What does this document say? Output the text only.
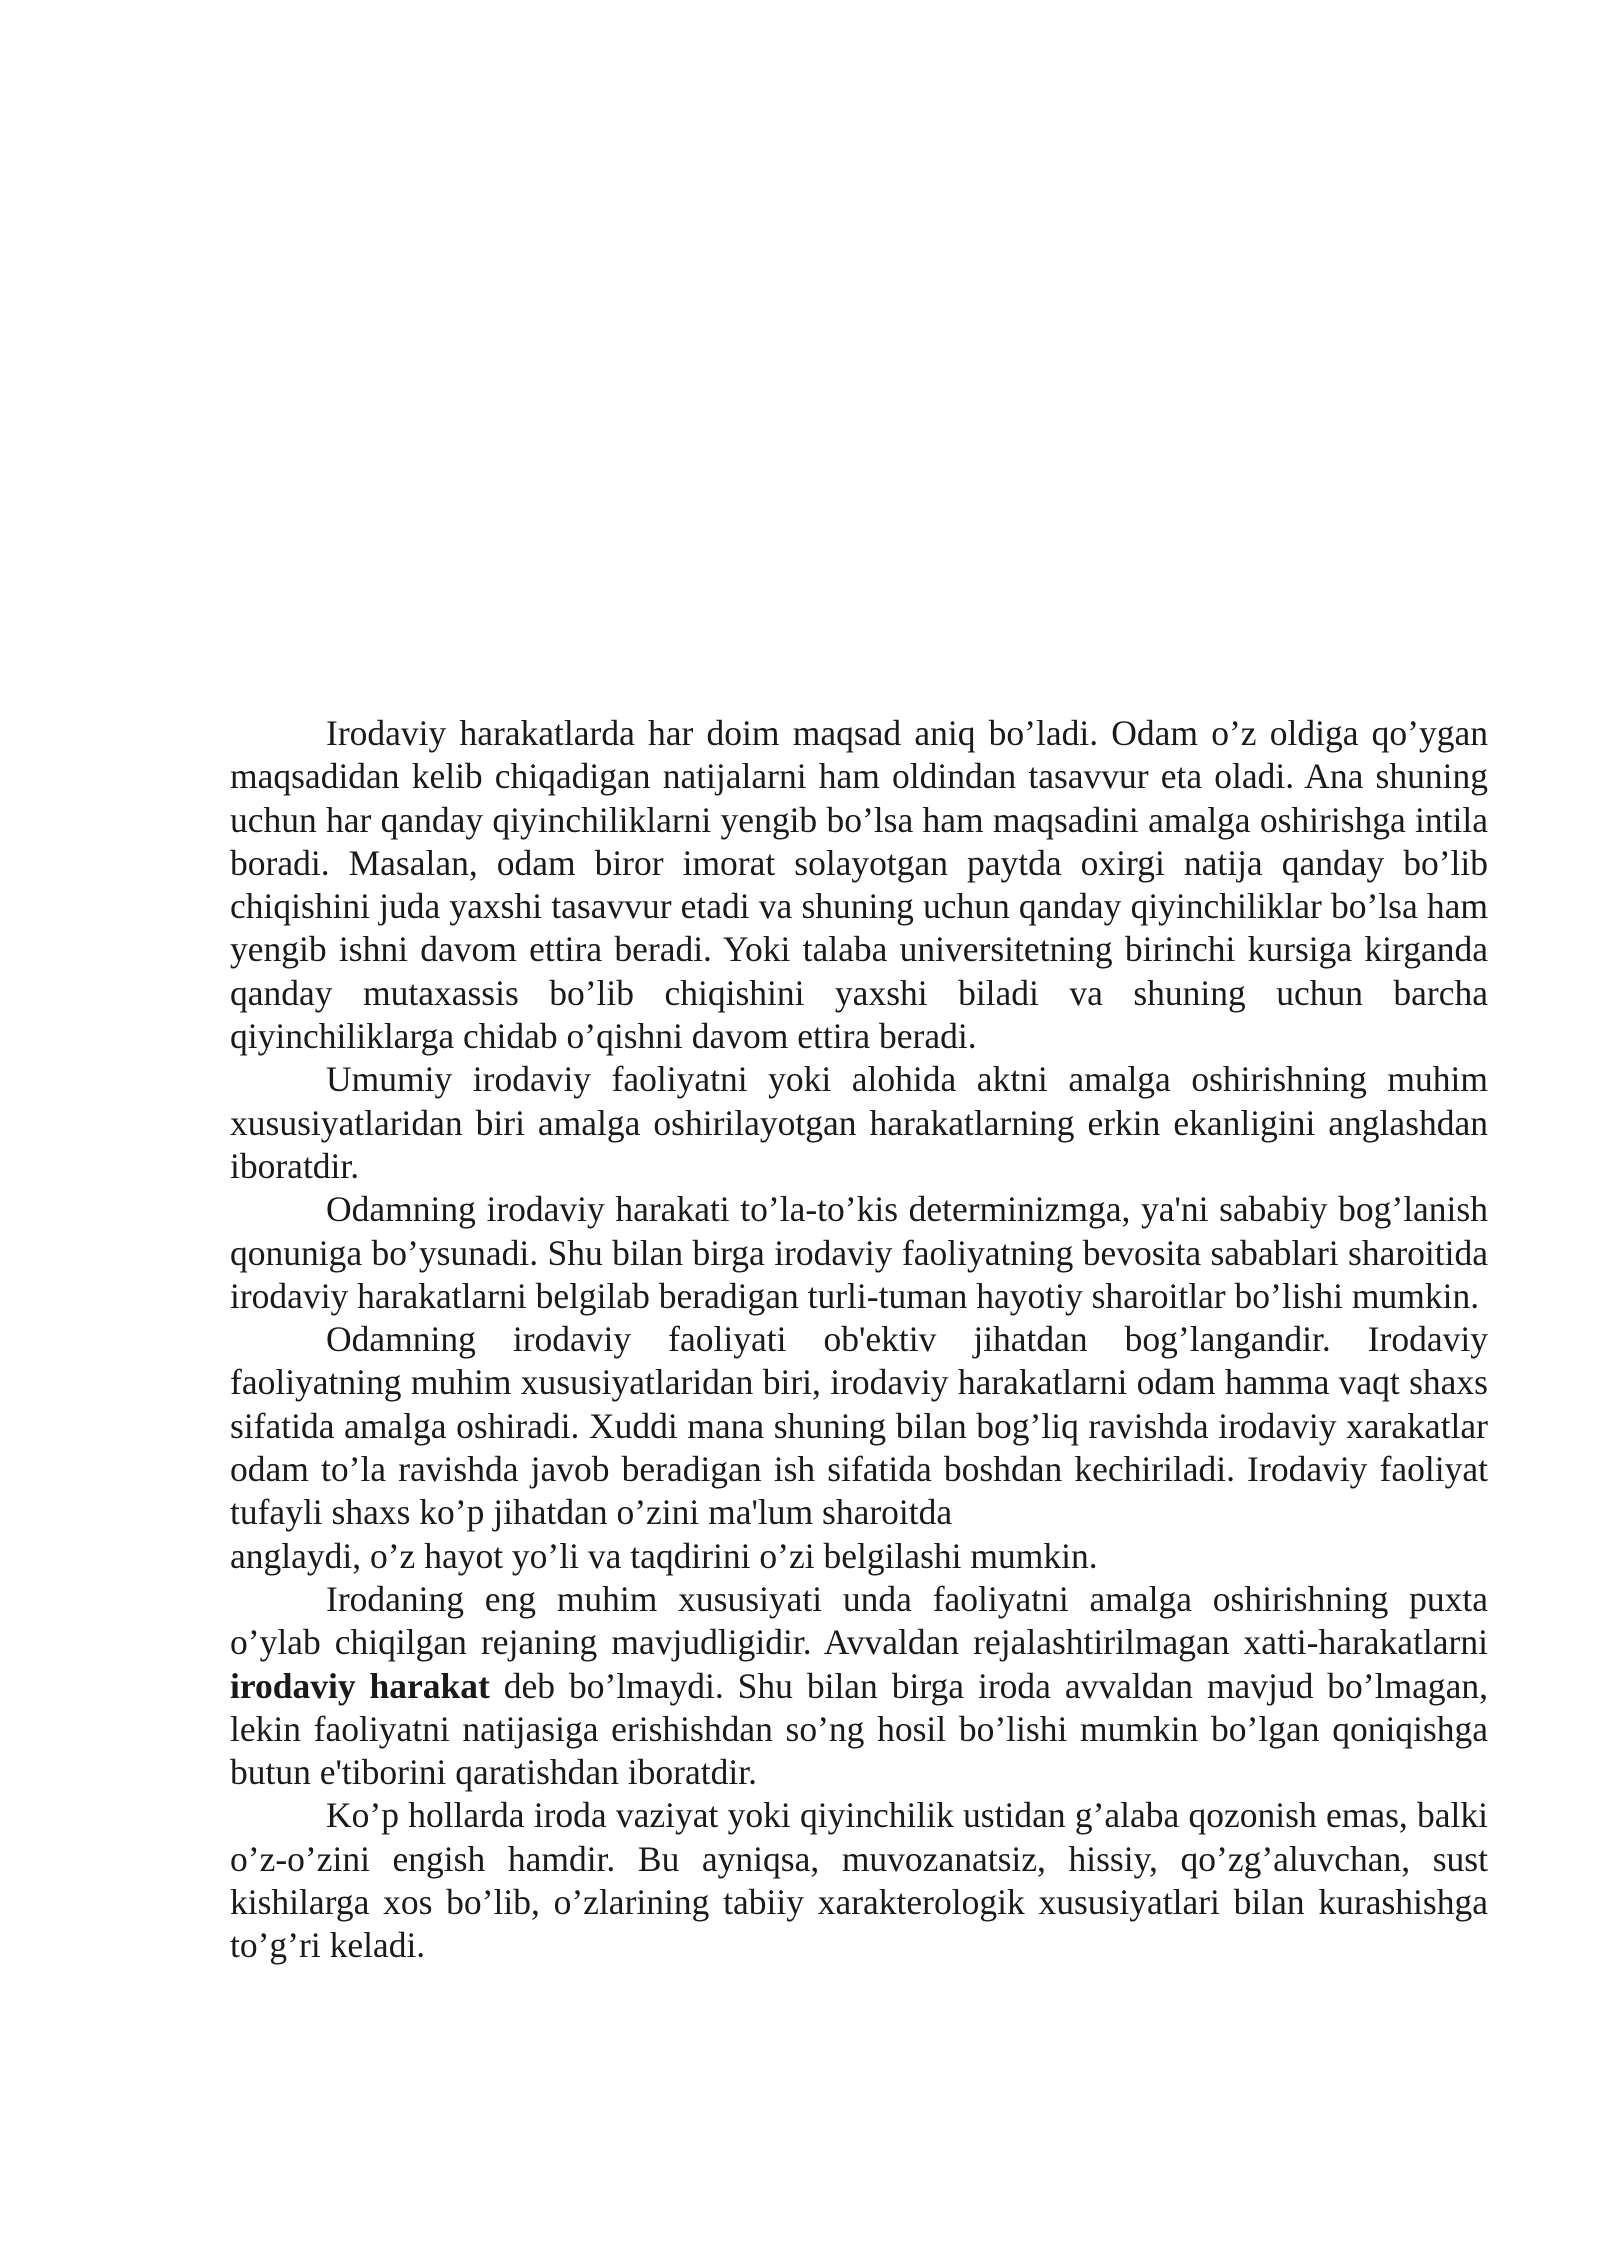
Irodaviy harakatlarda har doim maqsad aniq bo’ladi. Odam o’z oldiga qo’ygan maqsadidan kelib chiqadigan natijalarni ham oldindan tasavvur eta oladi. Ana shuning uchun har qanday qiyinchiliklarni yengib bo’lsa ham maqsadini amalga oshirishga intila boradi. Masalan, odam biror imorat solayotgan paytda oxirgi natija qanday bo’lib chiqishini juda yaxshi tasavvur etadi va shuning uchun qanday qiyinchiliklar bo’lsa ham yengib ishni davom ettira beradi. Yoki talaba universitetning birinchi kursiga kirganda qanday mutaxassis bo’lib chiqishini yaxshi biladi va shuning uchun barcha qiyinchiliklarga chidab o’qishni davom ettira beradi.

Umumiy irodaviy faoliyatni yoki alohida aktni amalga oshirishning muhim xususiyatlaridan biri amalga oshirilayotgan harakatlarning erkin ekanligini anglashdan iboratdir.

Odamning irodaviy harakati to’la-to’kis determinizmga, ya'ni sababiy bog’lanish qonuniga bo’ysunadi. Shu bilan birga irodaviy faoliyatning bevosita sabablari sharoitida irodaviy harakatlarni belgilab beradigan turli-tuman hayotiy sharoitlar bo’lishi mumkin.

Odamning irodaviy faoliyati ob'ektiv jihatdan bog’langandir. Irodaviy faoliyatning muhim xususiyatlaridan biri, irodaviy harakatlarni odam hamma vaqt shaxs sifatida amalga oshiradi. Xuddi mana shuning bilan bog’liq ravishda irodaviy xarakatlar odam to’la ravishda javob beradigan ish sifatida boshdan kechiriladi. Irodaviy faoliyat tufayli shaxs ko’p jihatdan o’zini ma'lum sharoitda
anglaydi, o’z hayot yo’li va taqdirini o’zi belgilashi mumkin.

Irodaning eng muhim xususiyati unda faoliyatni amalga oshirishning puxta o’ylab chiqilgan rejaning mavjudligidir. Avvaldan rejalashtirilmagan xatti-harakatlarni irodaviy harakat deb bo’lmaydi. Shu bilan birga iroda avvaldan mavjud bo’lmagan, lekin faoliyatni natijasiga erishishdan so’ng hosil bo’lishi mumkin bo’lgan qoniqishga butun e'tiborini qaratishdan iboratdir.

Ko’p hollarda iroda vaziyat yoki qiyinchilik ustidan g’alaba qozonish emas, balki o’z-o’zini engish hamdir. Bu ayniqsa, muvozanatsiz, hissiy, qo’zg’aluvchan, sust kishilarga xos bo’lib, o’zlarining tabiiy xarakterologik xususiyatlari bilan kurashishga to’g’ri keladi.
